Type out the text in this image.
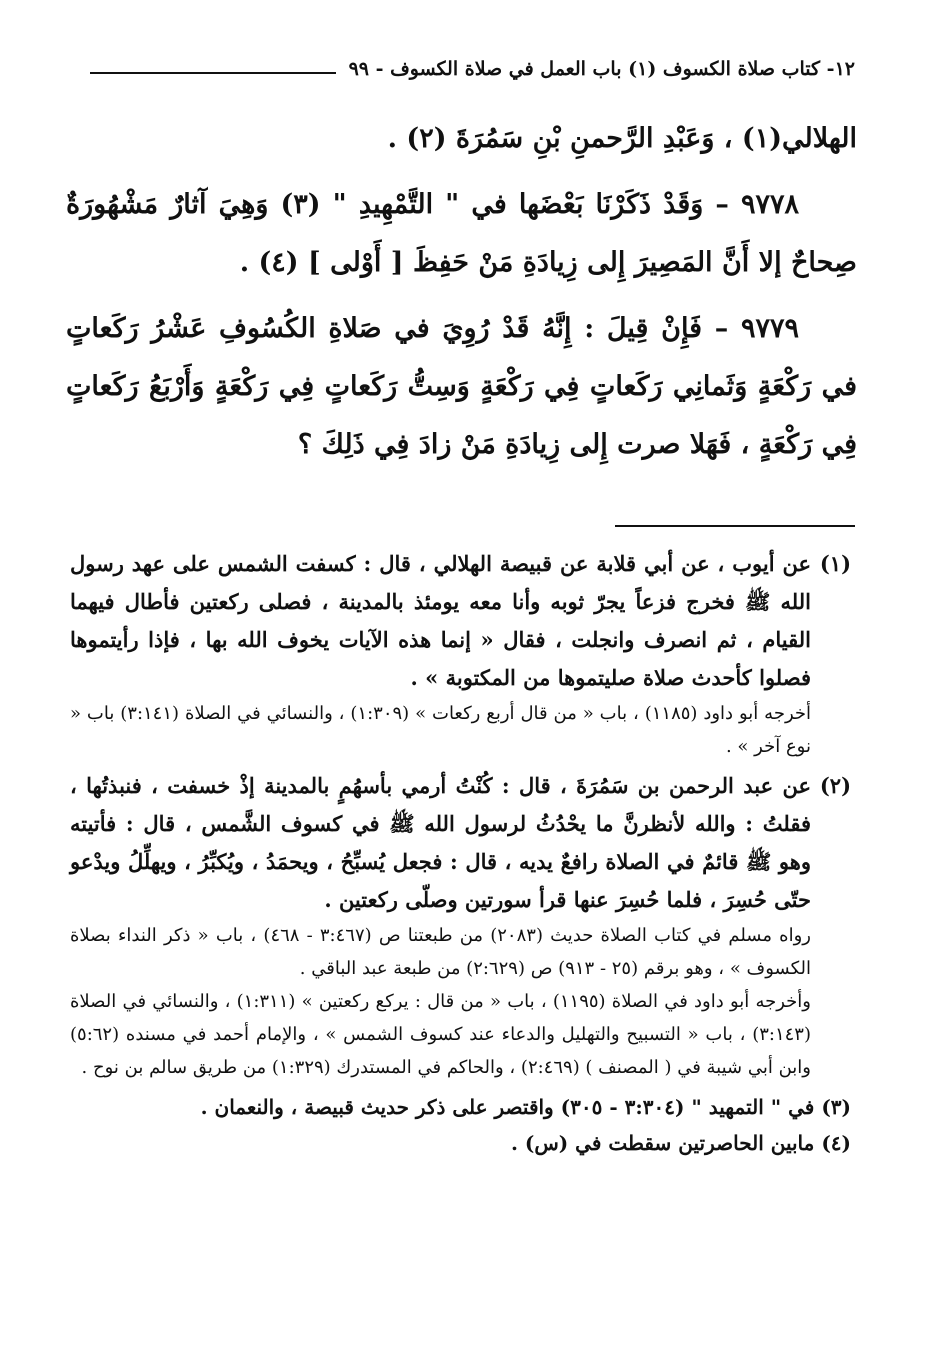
١٢- كتاب صلاة الكسوف (١) باب العمل في صلاة الكسوف - ٩٩

الهلالي(١) ، وَعَبْدِ الرَّحمنِ بْنِ سَمُرَةَ (٢) .

٩٧٧٨ – وَقَدْ ذَكَرْنَا بَعْضَها في " التَّمْهِيدِ " (٣) وَهِيَ آثارٌ مَشْهُورَةٌ صِحاحٌ إلا أَنَّ المَصِيرَ إِلى زِيادَةِ مَنْ حَفِظَ [ أَوْلى ] (٤) .

٩٧٧٩ – فَإِنْ قِيلَ : إِنَّهُ قَدْ رُوِيَ في صَلاةِ الكُسُوفِ عَشْرُ رَكَعاتٍ في رَكْعَةٍ وَثَمانِي رَكَعاتٍ فِي رَكْعَةٍ وَسِتُّ رَكَعاتٍ فِي رَكْعَةٍ وَأَرْبَعُ رَكَعاتٍ فِي رَكْعَةٍ ، فَهَلا صرت إِلى زِيادَةِ مَنْ زادَ فِي ذَلِكَ ؟

(١)
عن أيوب ، عن أبي قلابة عن قبيصة الهلالي ، قال : كسفت الشمس على عهد رسول الله ﷺ فخرج فزعاً يجرّ ثوبه وأنا معه يومئذ بالمدينة ، فصلى ركعتين فأطال فيهما القيام ، ثم انصرف وانجلت ، فقال « إنما هذه الآيات يخوف الله بها ، فإذا رأيتموها فصلوا كأحدث صلاة صليتموها من المكتوبة » .

أخرجه أبو داود (١١٨٥) ، باب « من قال أربع ركعات » (١:٣٠٩) ، والنسائي في الصلاة (٣:١٤١) باب « نوع آخر » .

(٢)
عن عبد الرحمن بن سَمُرَةَ ، قال : كُنْتُ أرمي بأسهُمٍ بالمدينة إذْ خسفت ، فنبذتُها ، فقلتُ : والله لأنظرنَّ ما يحْدُثُ لرسول الله ﷺ في كسوف الشَّمس ، قال : فأتيته وهو ﷺ قائمٌ في الصلاة رافعٌ يديه ، قال : فجعل يُسبِّحُ ، ويحمَدُ ، ويُكبِّرُ ، ويهلِّلُ ويدْعو حتّى حُسِرَ ، فلما حُسِرَ عنها قرأ سورتين وصلّى ركعتين .

رواه مسلم في كتاب الصلاة حديث (٢٠٨٣) من طبعتنا ص (٣:٤٦٧ - ٤٦٨) ، باب « ذكر النداء بصلاة الكسوف » ، وهو برقم (٢٥ - ٩١٣) ص (٢:٦٢٩) من طبعة عبد الباقي .

وأخرجه أبو داود في الصلاة (١١٩٥) ، باب « من قال : يركع ركعتين » (١:٣١١) ، والنسائي في الصلاة (٣:١٤٣) ، باب « التسبيح والتهليل والدعاء عند كسوف الشمس » ، والإمام أحمد في مسنده (٥:٦٢) وابن أبي شيبة في ( المصنف ) (٢:٤٦٩) ، والحاكم في المستدرك (١:٣٢٩) من طريق سالم بن نوح .

(٣) في " التمهيد " (٣:٣٠٤ - ٣٠٥) واقتصر على ذكر حديث قبيصة ، والنعمان .

(٤) مابين الحاصرتين سقطت في (س) .
